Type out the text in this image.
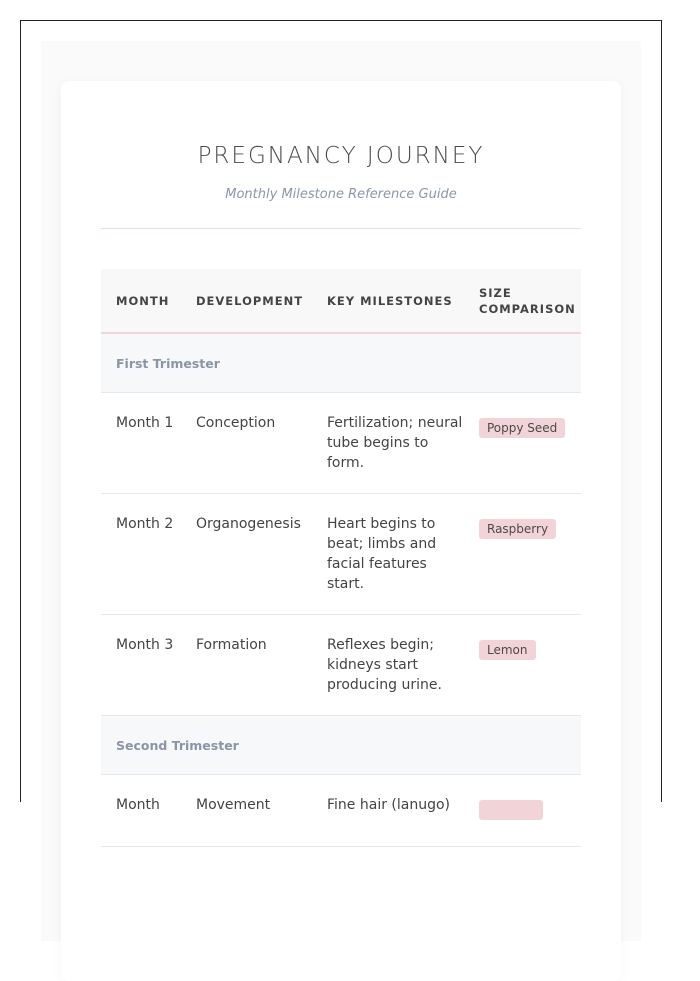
PREGNANCY JOURNEY
Monthly Milestone Reference Guide
MONTH	DEVELOPMENT	KEY MILESTONES	SIZE COMPARISON
First Trimester			
Month 1	Conception	Fertilization; neural tube begins to form.	Poppy Seed
Month 2	Organogenesis	Heart begins to beat; limbs and facial features start.	Raspberry
Month 3	Formation	Reflexes begin; kidneys start producing urine.	Lemon
Second Trimester			
Month	Movement	Fine hair (lanugo)	
